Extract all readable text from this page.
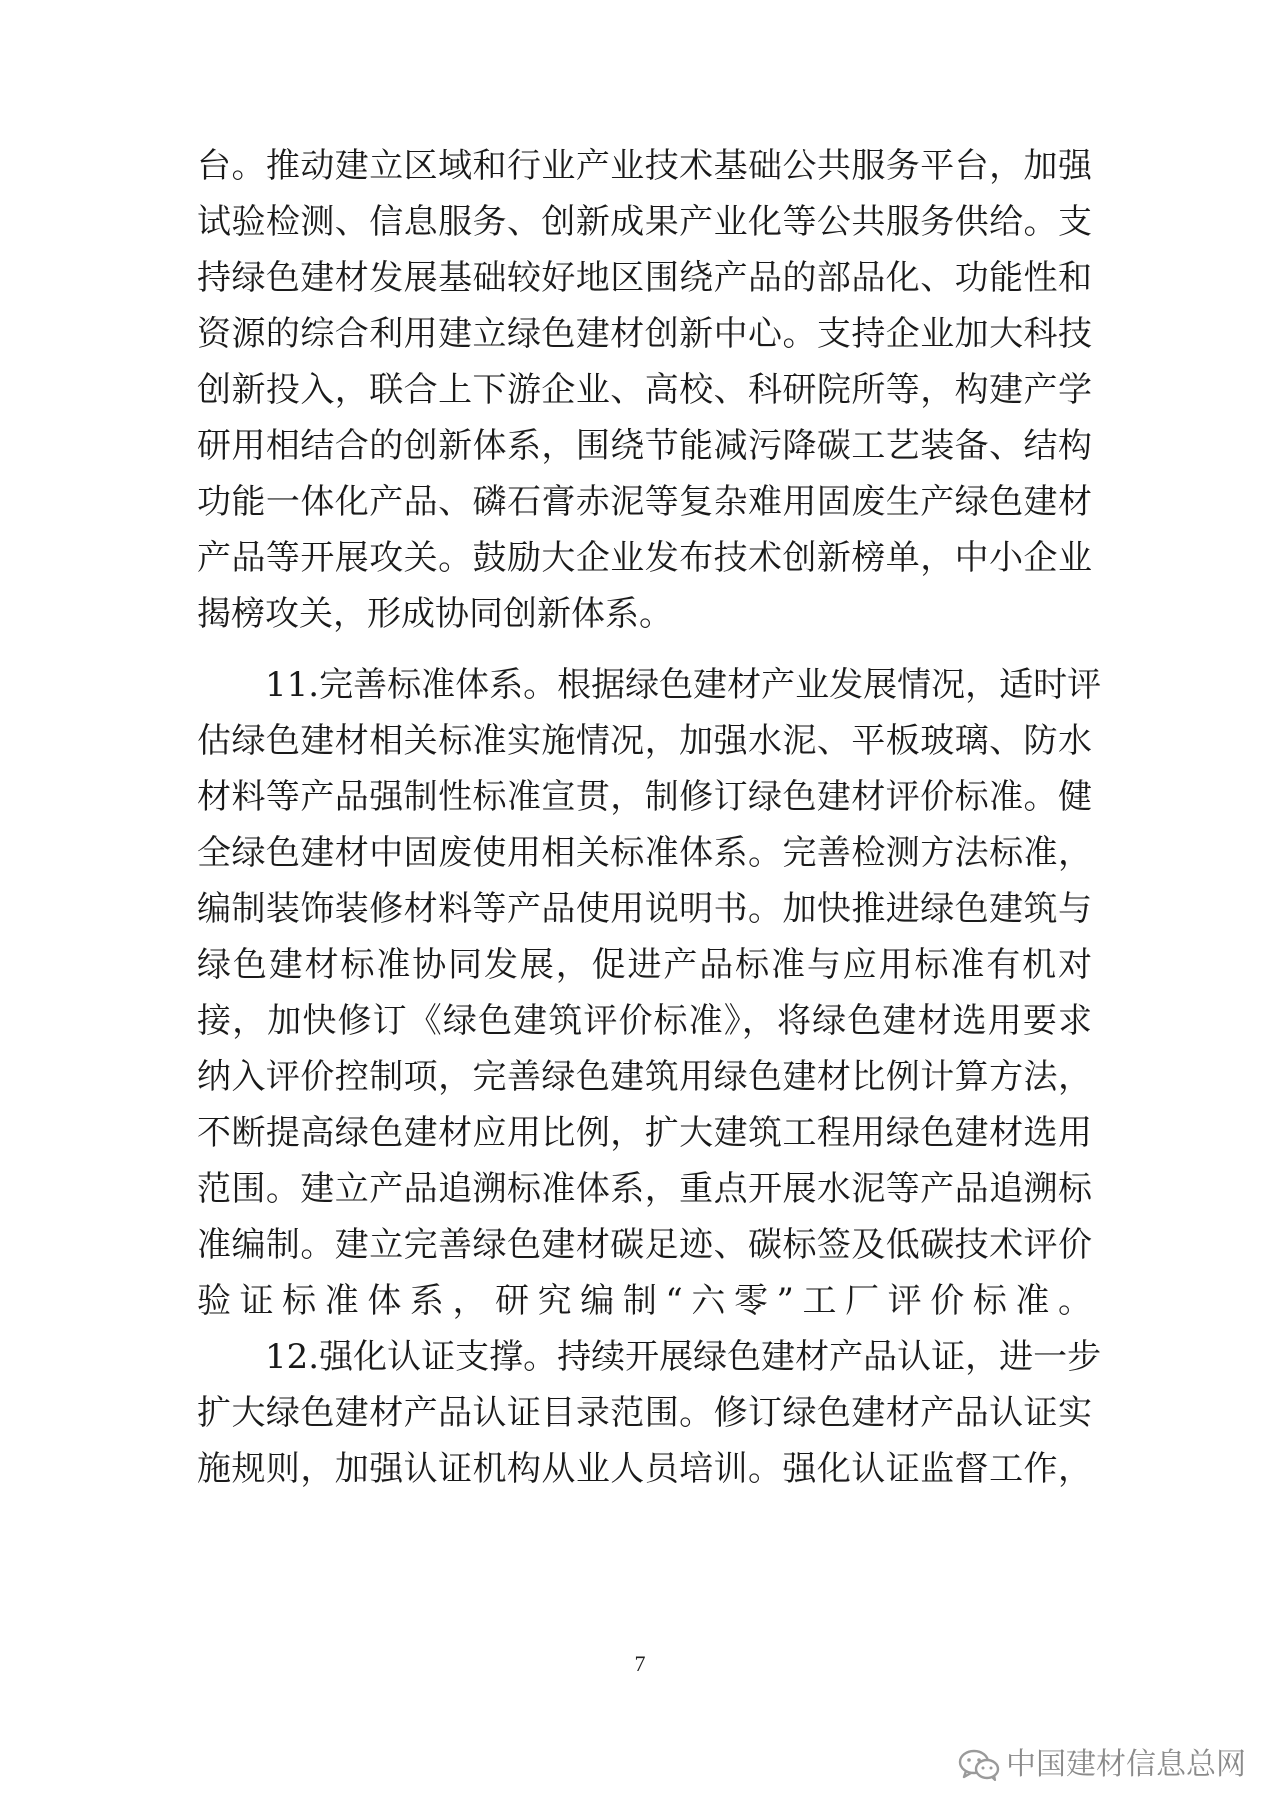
台。推动建立区域和行业产业技术基础公共服务平台，加强
试验检测、信息服务、创新成果产业化等公共服务供给。支
持绿色建材发展基础较好地区围绕产品的部品化、功能性和
资源的综合利用建立绿色建材创新中心。支持企业加大科技
创新投入，联合上下游企业、高校、科研院所等，构建产学
研用相结合的创新体系，围绕节能减污降碳工艺装备、结构
功能一体化产品、磷石膏赤泥等复杂难用固废生产绿色建材
产品等开展攻关。鼓励大企业发布技术创新榜单，中小企业
揭榜攻关，形成协同创新体系。
11.完善标准体系。根据绿色建材产业发展情况，适时评
估绿色建材相关标准实施情况，加强水泥、平板玻璃、防水
材料等产品强制性标准宣贯，制修订绿色建材评价标准。健
全绿色建材中固废使用相关标准体系。完善检测方法标准，
编制装饰装修材料等产品使用说明书。加快推进绿色建筑与
绿色建材标准协同发展，促进产品标准与应用标准有机对
接，加快修订《绿色建筑评价标准》，将绿色建材选用要求
纳入评价控制项，完善绿色建筑用绿色建材比例计算方法，
不断提高绿色建材应用比例，扩大建筑工程用绿色建材选用
范围。建立产品追溯标准体系，重点开展水泥等产品追溯标
准编制。建立完善绿色建材碳足迹、碳标签及低碳技术评价
验证标准体系，研究编制“六零”工厂评价标准。
12.强化认证支撑。持续开展绿色建材产品认证，进一步
扩大绿色建材产品认证目录范围。修订绿色建材产品认证实
施规则，加强认证机构从业人员培训。强化认证监督工作，
7
中国建材信息总网
